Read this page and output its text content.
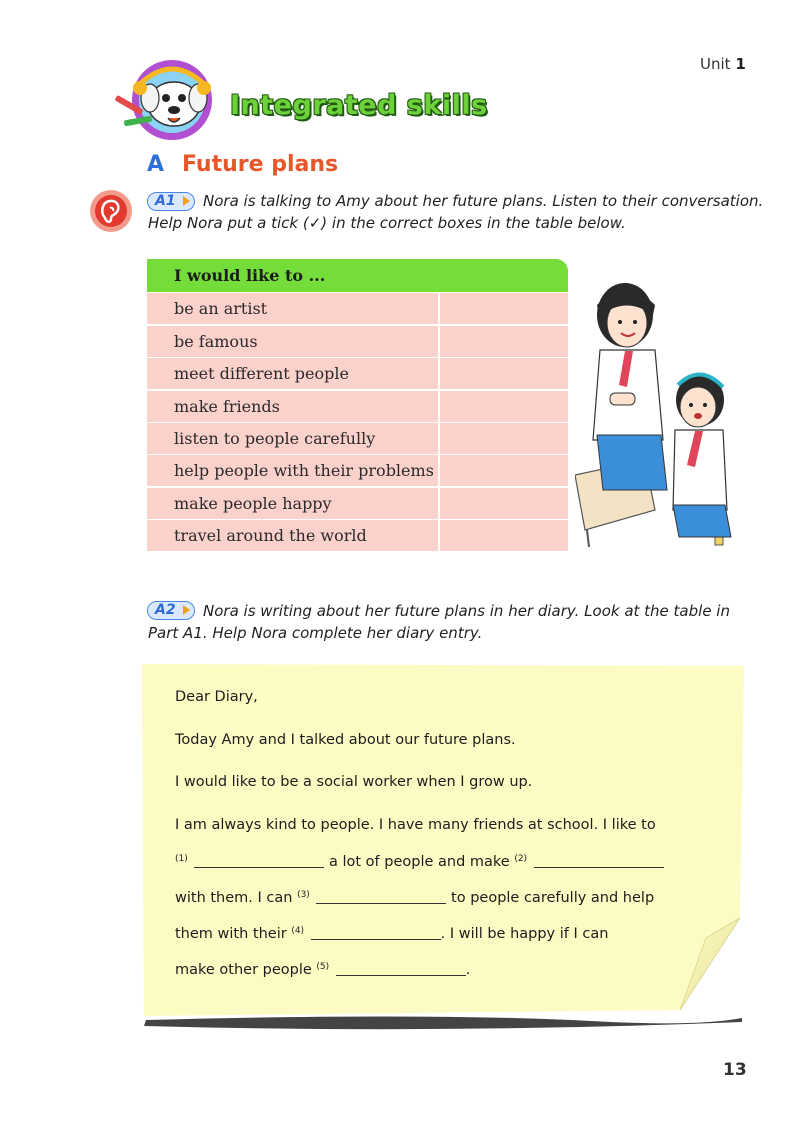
Unit 1
Integrated skills
A Future plans
A1 Nora is talking to Amy about her future plans. Listen to their conversation.
Help Nora put a tick (✓) in the correct boxes in the table below.
I would like to ...
be an artist
be famous
meet different people
make friends
listen to people carefully
help people with their problems
make people happy
travel around the world
A2 Nora is writing about her future plans in her diary. Look at the table in
Part A1. Help Nora complete her diary entry.
Dear Diary,
Today Amy and I talked about our future plans.
I would like to be a social worker when I grow up.
I am always kind to people. I have many friends at school. I like to
$^{(1)}$	a lot of people and make $^{(2)}$
with them. I can $^{(3)}$	to people carefully and help
them with their $^{(4)}$	. I will be happy if I can
make other people $^{(5)}$	.
13
